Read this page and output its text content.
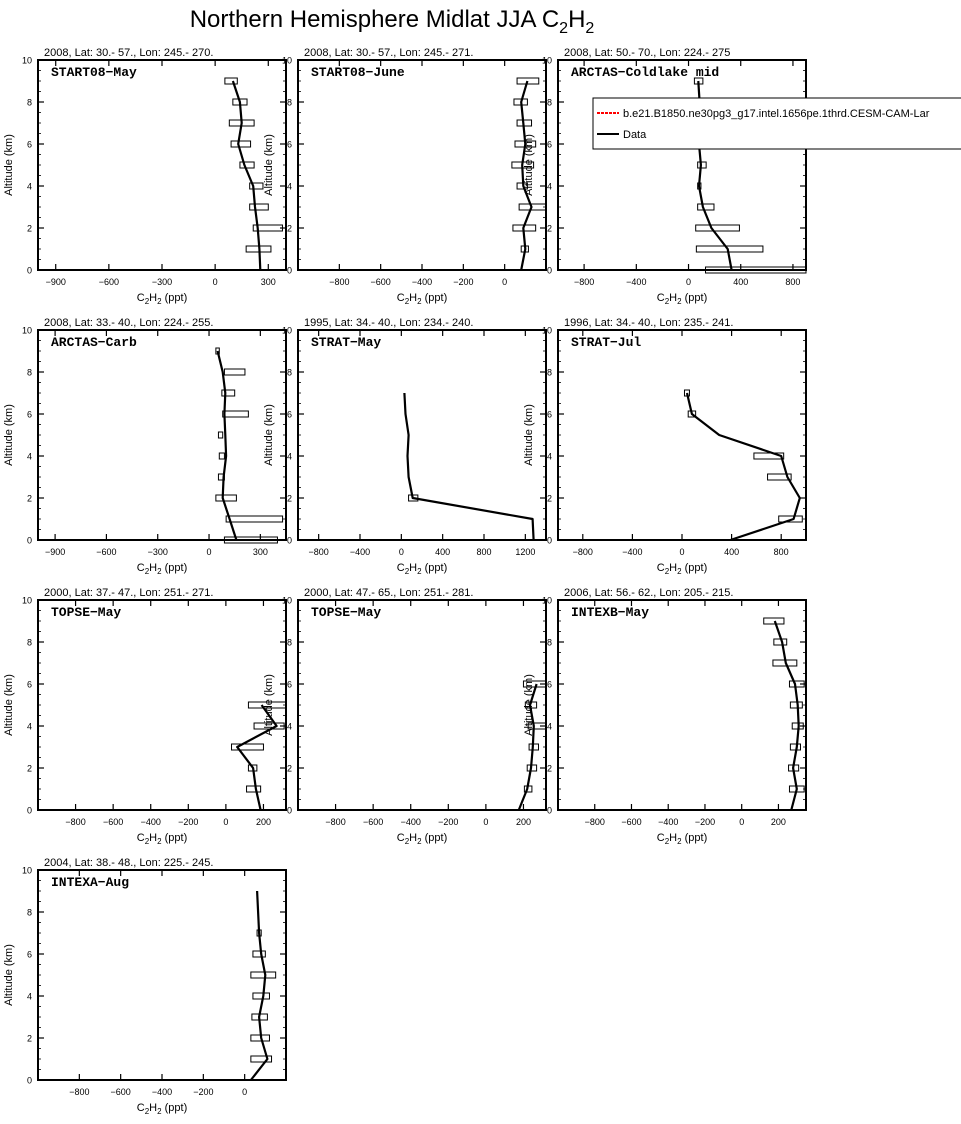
Northern Hemisphere Midlat JJA $C_2H_2$
2008, Lat: 30.- 57., Lon: 245.- 270.
0
2
4
6
8
10
−900	−600	−300	0	300
Altitude (km)
$C_2H_2$ (ppt)
START08−May
2008, Lat: 30.- 57., Lon: 245.- 271.
0
2
4
6
8
10
−800 −600 −400 −200	0
Altitude (km)
$C_2H_2$ (ppt)
START08−June
2008, Lat: 50.- 70., Lon: 224.- 275
0
2
4
6
8
10
−800	−400	0	400	800
Altitude (km)
$C_2H_2$ (ppt)
ARCTAS−Coldlake mid
b.e21.B1850.ne30pg3_g17.intel.1656pe.1thrd.CESM-CAM-Lar
Data
2008, Lat: 33.- 40., Lon: 224.- 255.
0
2
4
6
8
10
−900	−600	−300	0	300
Altitude (km)
$C_2H_2$ (ppt)
ARCTAS−Carb
1995, Lat: 34.- 40., Lon: 234.- 240.
0
2
4
6
8
10
−800 −400	0	400	800	1200
Altitude (km)
$C_2H_2$ (ppt)
STRAT−May
1996, Lat: 34.- 40., Lon: 235.- 241.
0
2
4
6
8
10
−800	−400	0	400	800
Altitude (km)
$C_2H_2$ (ppt)
STRAT−Jul
2000, Lat: 37.- 47., Lon: 251.- 271.
0
2
4
6
8
10
−800 −600 −400 −200	0	200
Altitude (km)
$C_2H_2$ (ppt)
TOPSE−May
2000, Lat: 47.- 65., Lon: 251.- 281.
0
2
4
6
8
10
−800 −600 −400 −200	0	200
Altitude (km)
$C_2H_2$ (ppt)
TOPSE−May
2006, Lat: 56.- 62., Lon: 205.- 215.
0
2
4
6
8
10
−800 −600 −400 −200	0	200
Altitude (km)
$C_2H_2$ (ppt)
INTEXB−May
2004, Lat: 38.- 48., Lon: 225.- 245.
0
2
4
6
8
10
−800 −600 −400 −200	0
Altitude (km)
$C_2H_2$ (ppt)
INTEXA−Aug
